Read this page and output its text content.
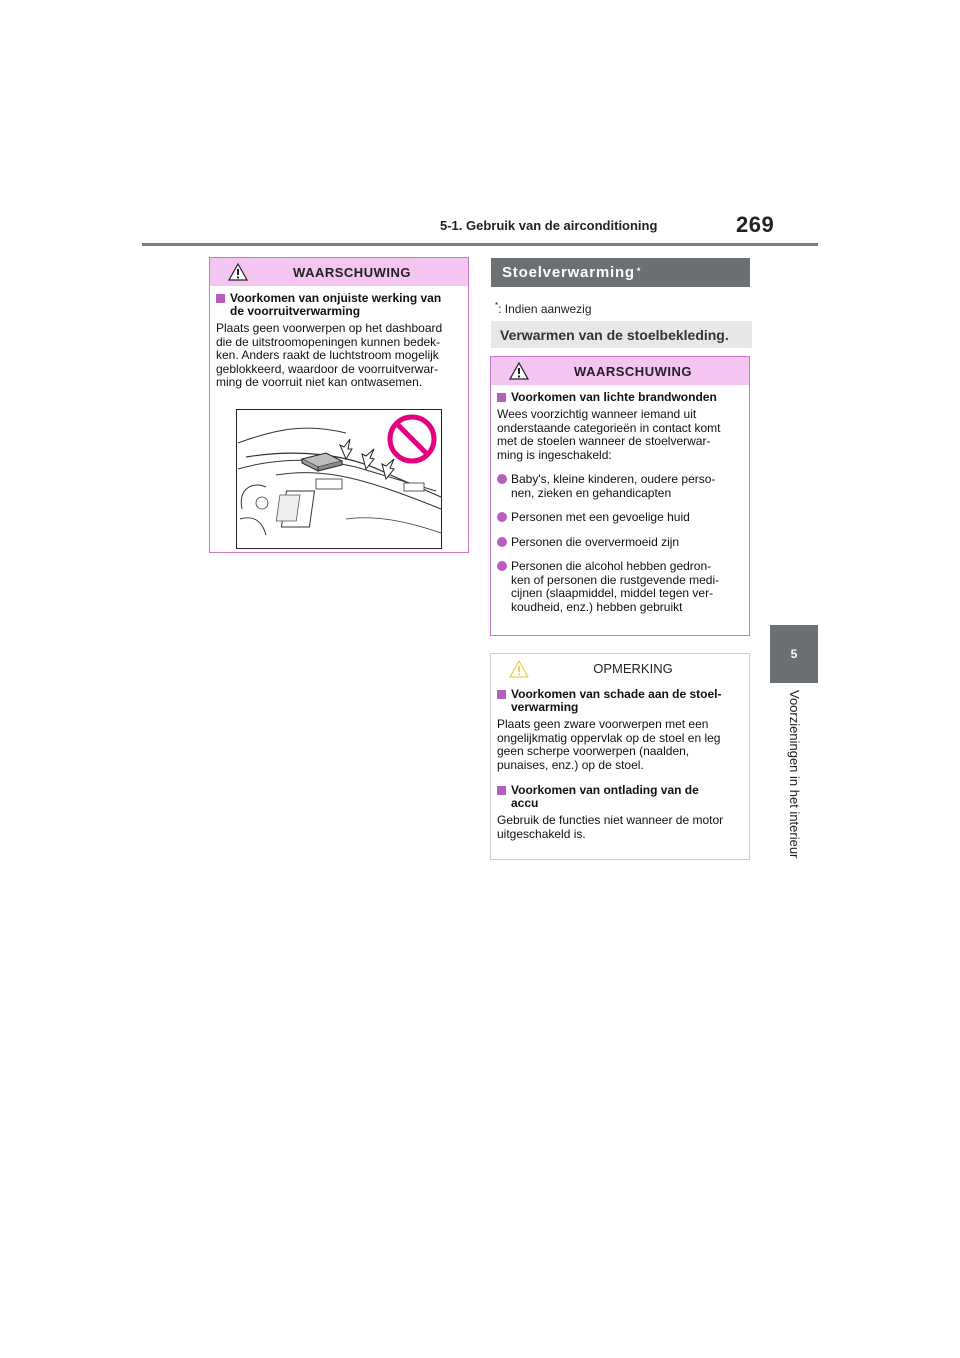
5-1. Gebruik van de airconditioning	269
5
Voorzieningen in het interieur
WAARSCHUWING
Voorkomen van onjuiste werking van
de voorruitverwarming
Plaats geen voorwerpen op het dashboard
die de uitstroomopeningen kunnen bedek-
ken. Anders raakt de luchtstroom mogelijk
geblokkeerd, waardoor de voorruitverwar-
ming de voorruit niet kan ontwasemen.
Stoelverwarming*
*: Indien aanwezig
Verwarmen van de stoelbekleding.
WAARSCHUWING
Voorkomen van lichte brandwonden
Wees voorzichtig wanneer iemand uit
onderstaande categorieën in contact komt
met de stoelen wanneer de stoelverwar-
ming is ingeschakeld:
Baby's, kleine kinderen, oudere perso-
nen, zieken en gehandicapten
Personen met een gevoelige huid
Personen die oververmoeid zijn
Personen die alcohol hebben gedron-
ken of personen die rustgevende medi-
cijnen (slaapmiddel, middel tegen ver-
koudheid, enz.) hebben gebruikt
OPMERKING
Voorkomen van schade aan de stoel-
verwarming
Plaats geen zware voorwerpen met een
ongelijkmatig oppervlak op de stoel en leg
geen scherpe voorwerpen (naalden,
punaises, enz.) op de stoel.
Voorkomen van ontlading van de
accu
Gebruik de functies niet wanneer de motor
uitgeschakeld is.
